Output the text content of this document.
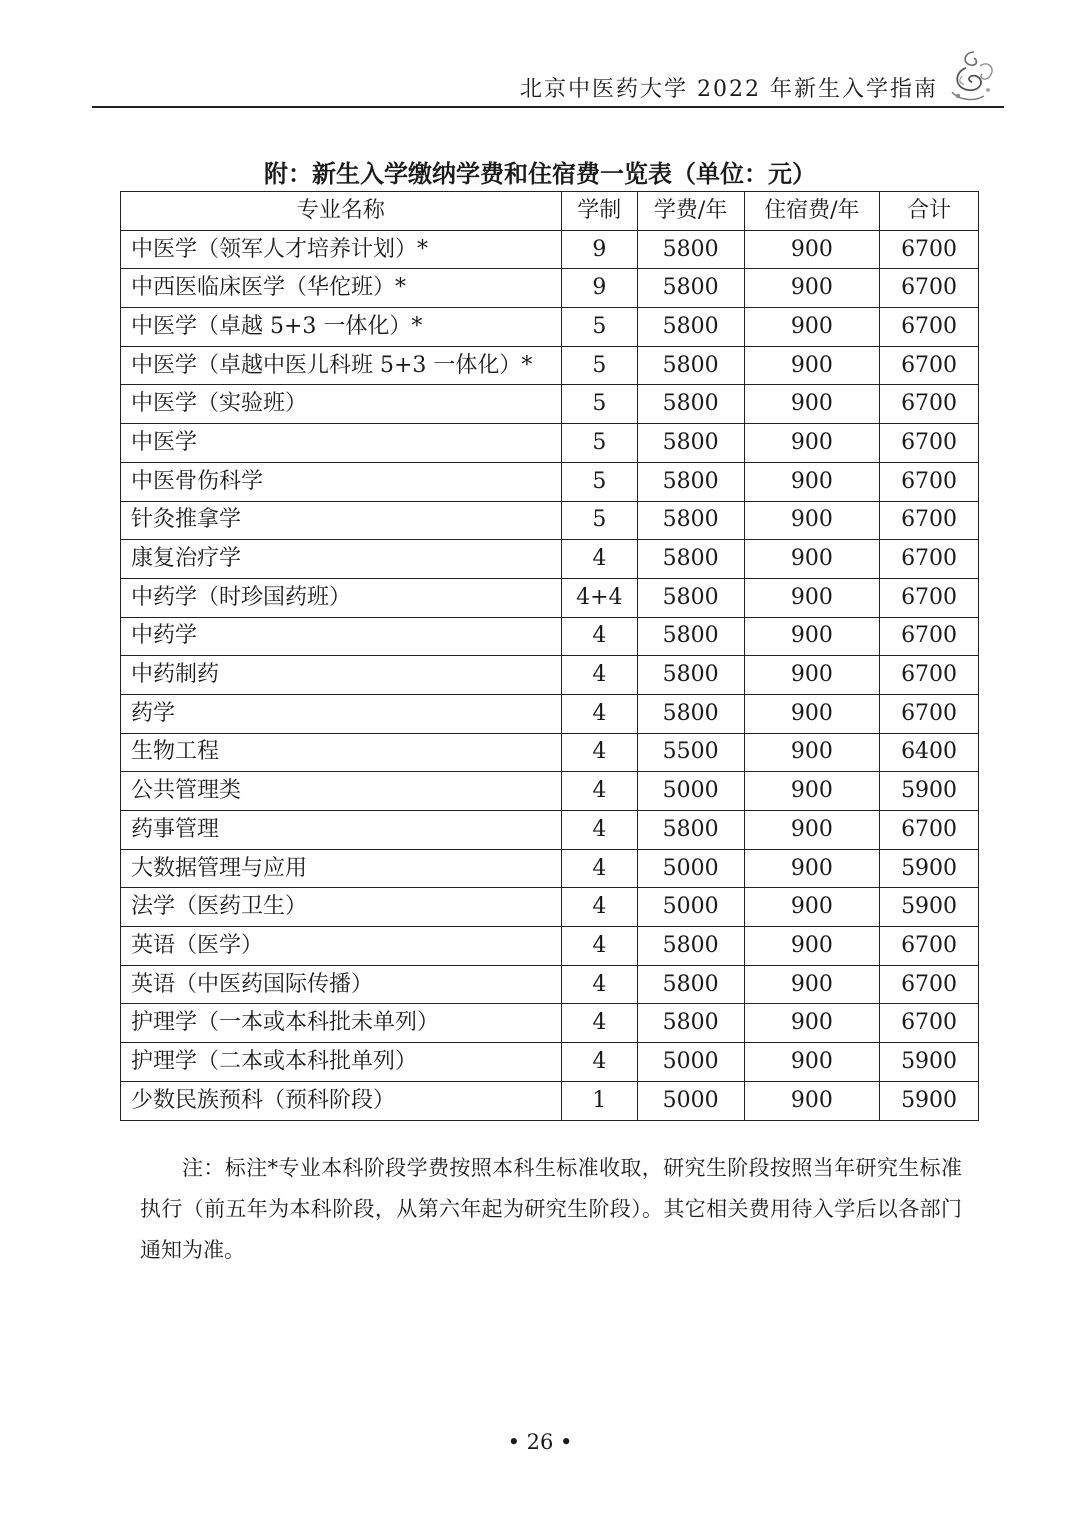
北京中医药大学 2022 年新生入学指南
附：新生入学缴纳学费和住宿费一览表（单位：元）
专业名称	学制	学费/年	住宿费/年	合计
中医学（领军人才培养计划）*	9	5800	900	6700
中西医临床医学（华佗班）*	9	5800	900	6700
中医学（卓越 5+3 一体化）*	5	5800	900	6700
中医学（卓越中医儿科班 5+3 一体化）*	5	5800	900	6700
中医学（实验班）	5	5800	900	6700
中医学	5	5800	900	6700
中医骨伤科学	5	5800	900	6700
针灸推拿学	5	5800	900	6700
康复治疗学	4	5800	900	6700
中药学（时珍国药班）	4+4	5800	900	6700
中药学	4	5800	900	6700
中药制药	4	5800	900	6700
药学	4	5800	900	6700
生物工程	4	5500	900	6400
公共管理类	4	5000	900	5900
药事管理	4	5800	900	6700
大数据管理与应用	4	5000	900	5900
法学（医药卫生）	4	5000	900	5900
英语（医学）	4	5800	900	6700
英语（中医药国际传播）	4	5800	900	6700
护理学（一本或本科批未单列）	4	5800	900	6700
护理学（二本或本科批单列）	4	5000	900	5900
少数民族预科（预科阶段）	1	5000	900	5900
注：标注*专业本科阶段学费按照本科生标准收取，研究生阶段按照当年研究生标准执行（前五年为本科阶段，从第六年起为研究生阶段）。其它相关费用待入学后以各部门通知为准。
• 26 •
